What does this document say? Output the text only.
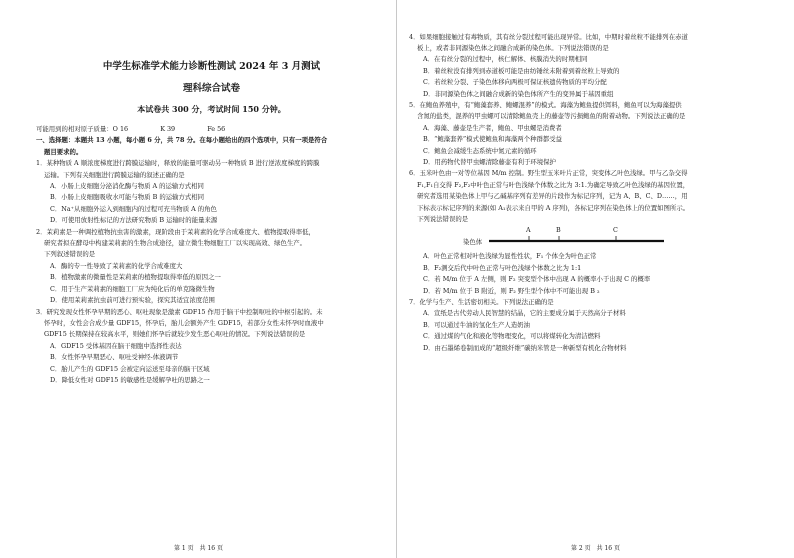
中学生标准学术能力诊断性测试 2024 年 3 月测试
理科综合试卷
本试卷共 300 分，考试时间 150 分钟。
可能用到的相对原子质量：O 16	K 39	Fe 56
一、选择题：本题共 13 小题，每小题 6 分，共 78 分。在每小题给出的四个选项中，只有一项是符合
题目要求的。
1．某种物质 A 顺浓度梯度进行跨膜运输时，释放的能量可驱动另一种物质 B 进行逆浓度梯度的跨膜
运输。下列有关细胞进行跨膜运输的叙述正确的是
A．小肠上皮细胞分泌消化酶与物质 A 的运输方式相同
B．小肠上皮细胞吸收水可能与物质 B 的运输方式相同
C．Na⁺从细胞外运入到细胞内的过程可充当物质 A 的角色
D．可使用放射性标记的方法研究物质 B 运输时的能量来源
2．茉莉素是一种调控植物抗虫害的激素，现阶段由于茉莉素的化学合成难度大、植物提取得率低，
研究者拟在酵母中构建茉莉素的生物合成途径，建立微生物细胞工厂以实现高效、绿色生产。
下列叙述错误的是
A．酶的专一性导致了茉莉素的化学合成难度大
B．植物激素的微量性是茉莉素的植物提取得率低的原因之一
C．用于生产茉莉素的细胞工厂应为纯化后的单克隆微生物
D．使用茉莉素抗虫前可进行预实验，探究其适宜浓度范围
3．研究发现女性怀孕早期的恶心、呕吐现象是激素 GDF15 作用于脑干中控制呕吐的中枢引起的。未
怀孕时，女性会合成少量 GDF15，怀孕后，胎儿会额外产生 GDF15，若部分女性未怀孕时血液中
GDF15 长期保持在较高水平，则她们怀孕后就较少发生恶心呕吐的情况。下列说法错误的是
A．GDF15 受体基因在脑干细胞中选择性表达
B．女性怀孕早期恶心、呕吐受神经-体液调节
C．胎儿产生的 GDF15 会被定向运送至母亲的脑干区域
D．降低女性对 GDF15 的敏感性是缓解孕吐的思路之一
第 1 页　共 16 页
4．如果细胞接触过有毒物质，其有丝分裂过程可能出现异常。比如，中期时着丝粒不能排列在赤道
板上，或者非同源染色体之间融合成新的染色体。下列说法错误的是
A．在有丝分裂的过程中，核仁解体、核膜消失的时期相同
B．着丝粒没有排列到赤道板可能是由纺锤丝未附着到着丝粒上导致的
C．若丝粒分裂、子染色体移向两极可保证核遗传物质的平均分配
D．非同源染色体之间融合成新的染色体所产生的变异属于基因重组
5．在鲍鱼养殖中，有“鲍藻套养、鲍螺混养”的模式。海藻为鲍鱼提供饵料，鲍鱼可以为海藻提供
含氮的盐类，混养的甲虫螺可以清除鲍鱼壳上的藤壶等污损鲍鱼的附着动物。下列说法正确的是
A．海藻、藤壶是生产者，鲍鱼、甲虫螺是消费者
B．“鲍藻套养”模式使鲍鱼和海藻两个种群都受益
C．鲍鱼会减缓生态系统中氮元素的循环
D．用药物代替甲虫螺清除藤壶有利于环境保护
6．玉米叶色由一对等位基因 M/m 控制。野生型玉米叶片正常，突变体乙叶色浅绿。甲与乙杂交得
F₁,F₁自交得 F₂,F₂中叶色正常与叶色浅绿个体数之比为 3:1.为确定导致乙叶色浅绿的基因位置，
研究者选用某染色体上甲与乙碱基序列有差异的片段作为标记序列，记为 A、B、C、D……，用
下标表示标记序列的来源(如 A₁表示来自甲的 A 序列)，各标记序列在染色体上的位置如图所示。
下列说法错误的是
染色体
A	B	C
A．叶色正常相对叶色浅绿为显性性状，F₁ 个体全为叶色正常
B．F₂测交后代中叶色正常与叶色浅绿个体数之比为 1:1
C．若 M/m 位于 A 左侧，则 F₂ 突变型个体中出现 A 的概率小于出现 C 的概率
D．若 M/m 位于 B 附近，则 F₂ 野生型个体中不可能出现 B ₂
7．化学与生产、生活密切相关。下列说法正确的是
A．宣纸是古代劳动人民智慧的结晶，它的主要成分属于天然高分子材料
B．可以通过牛油的氢化生产人造奶油
C．通过煤的气化和液化等物理变化，可以将煤转化为清洁燃料
D．由石墨烯卷制而成的“超级纤维”碳纳米管是一种新型有机化合物材料
第 2 页　共 16 页
